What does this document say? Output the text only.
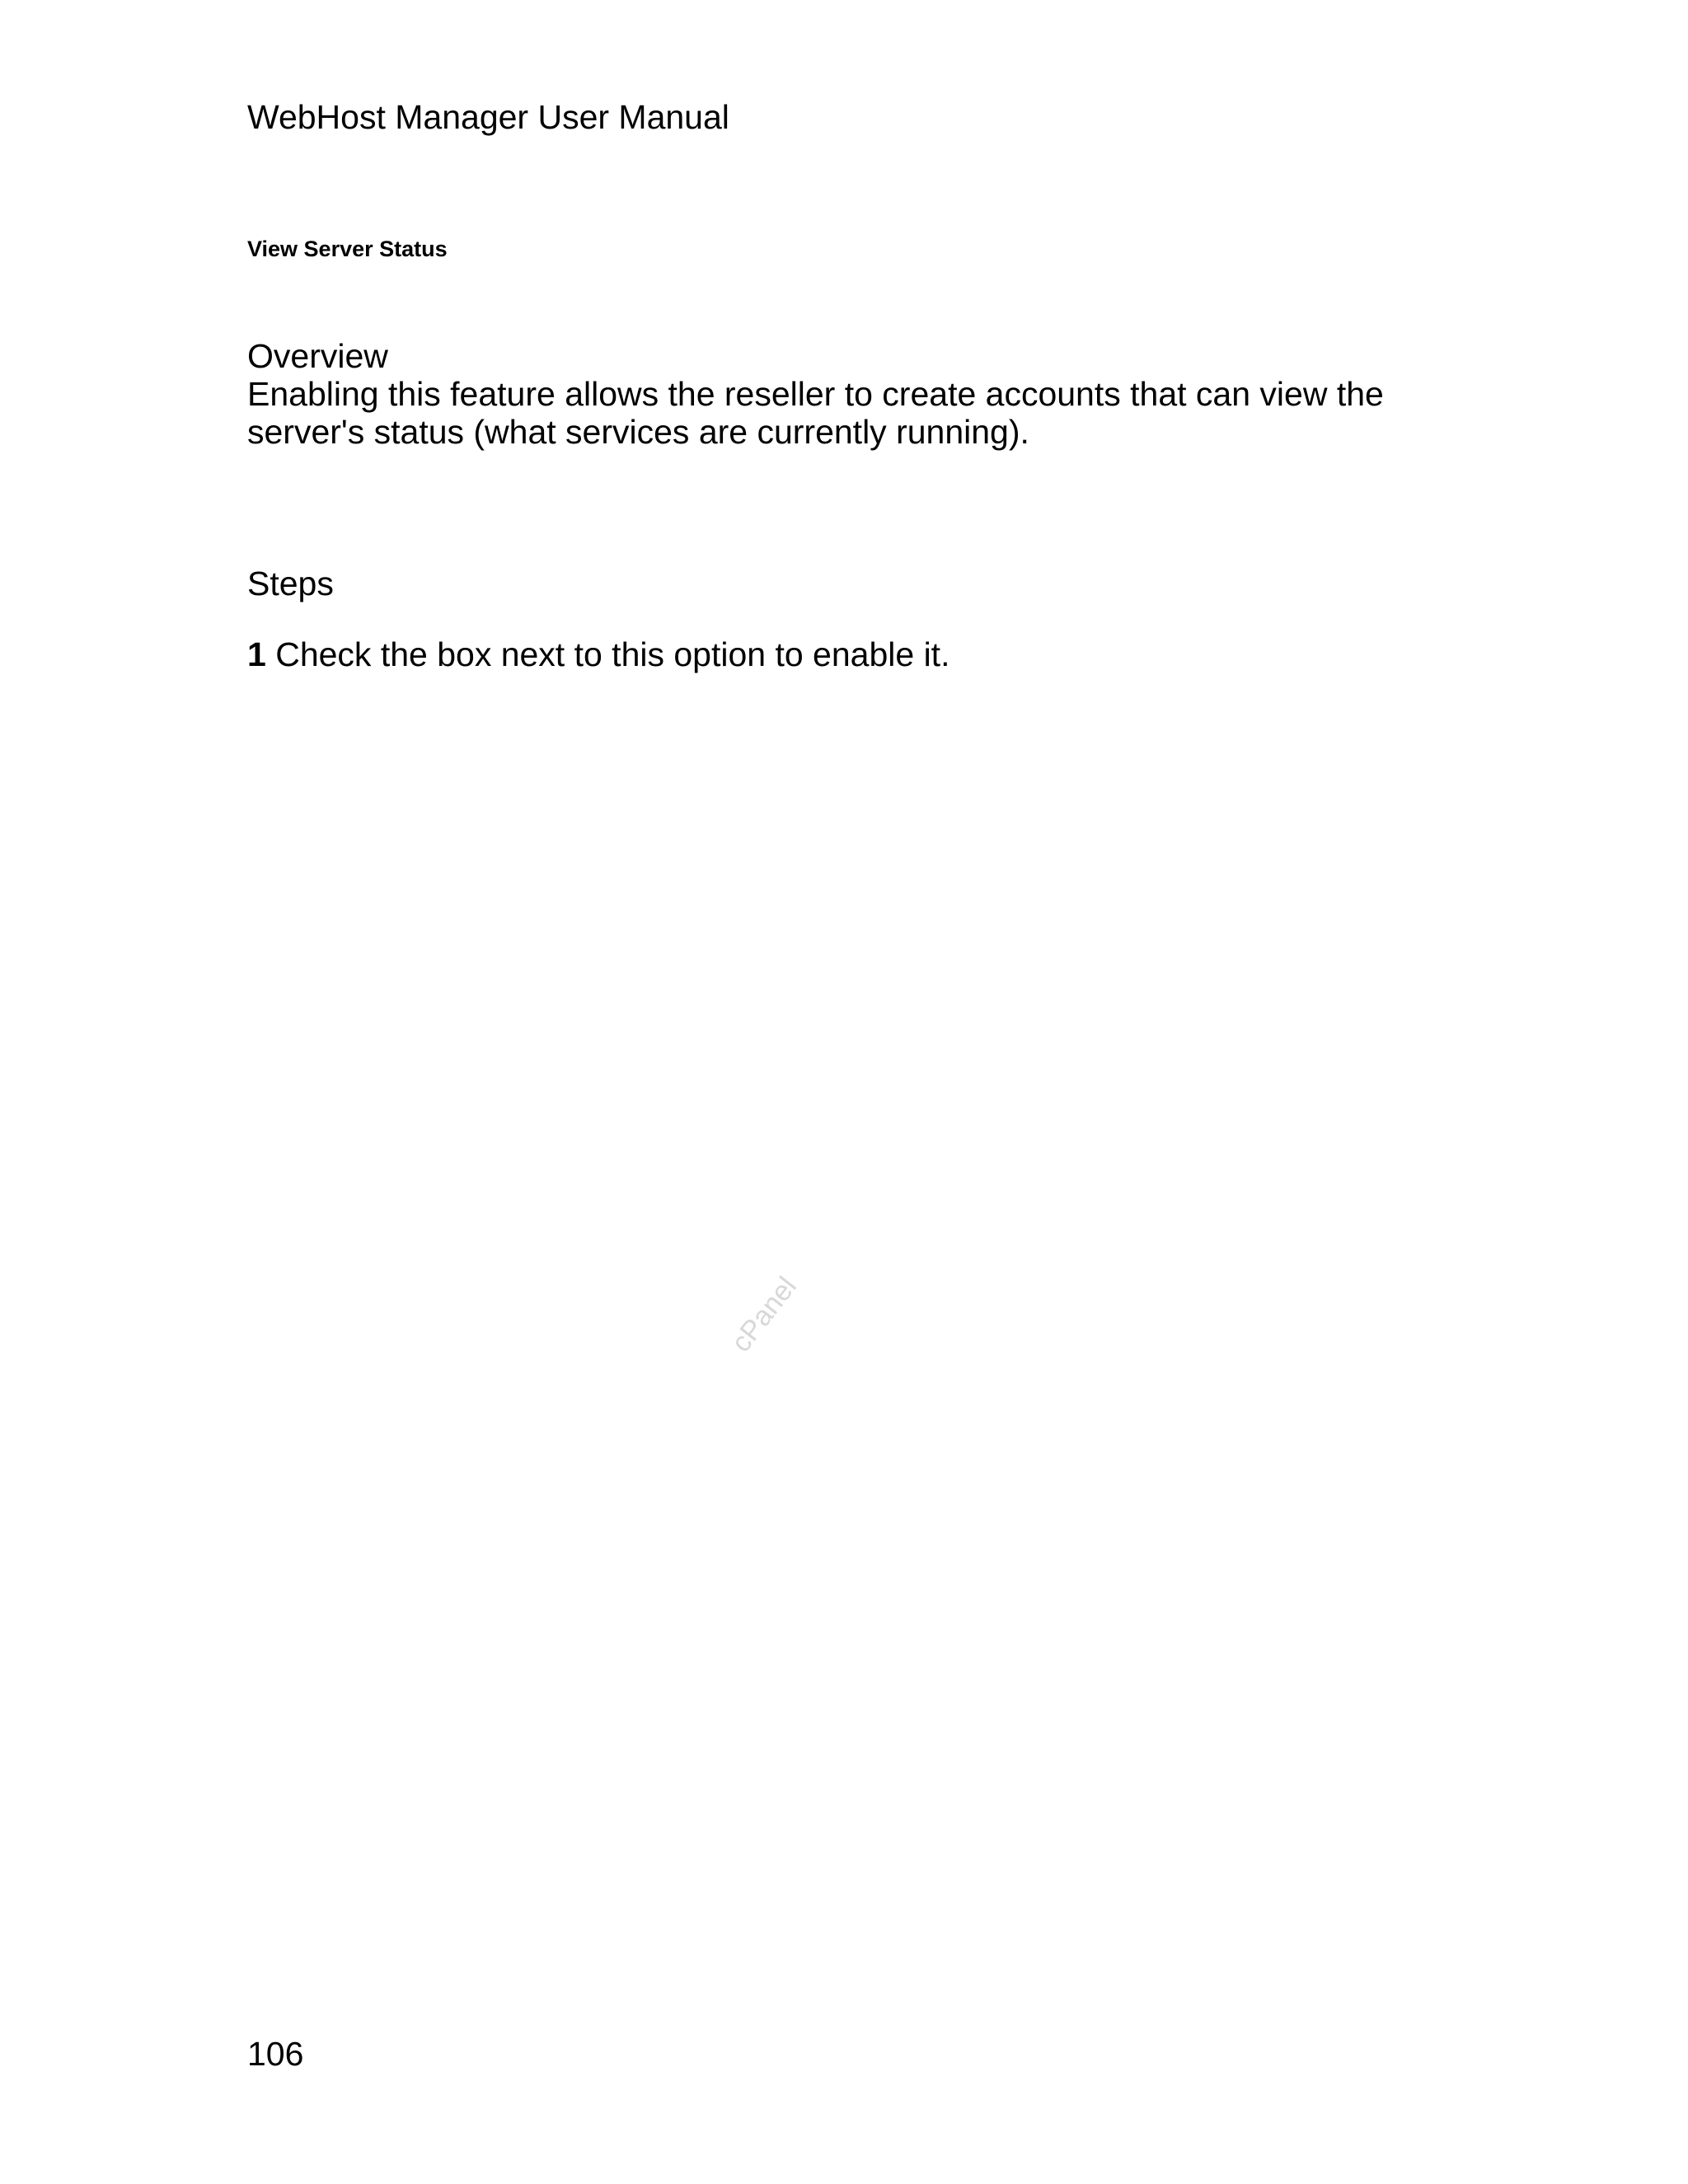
WebHost Manager User Manual
View Server Status
Overview
Enabling this feature allows the reseller to create accounts that can view the server's status (what services are currently running).
Steps
1 Check the box next to this option to enable it.
cPanel
106
